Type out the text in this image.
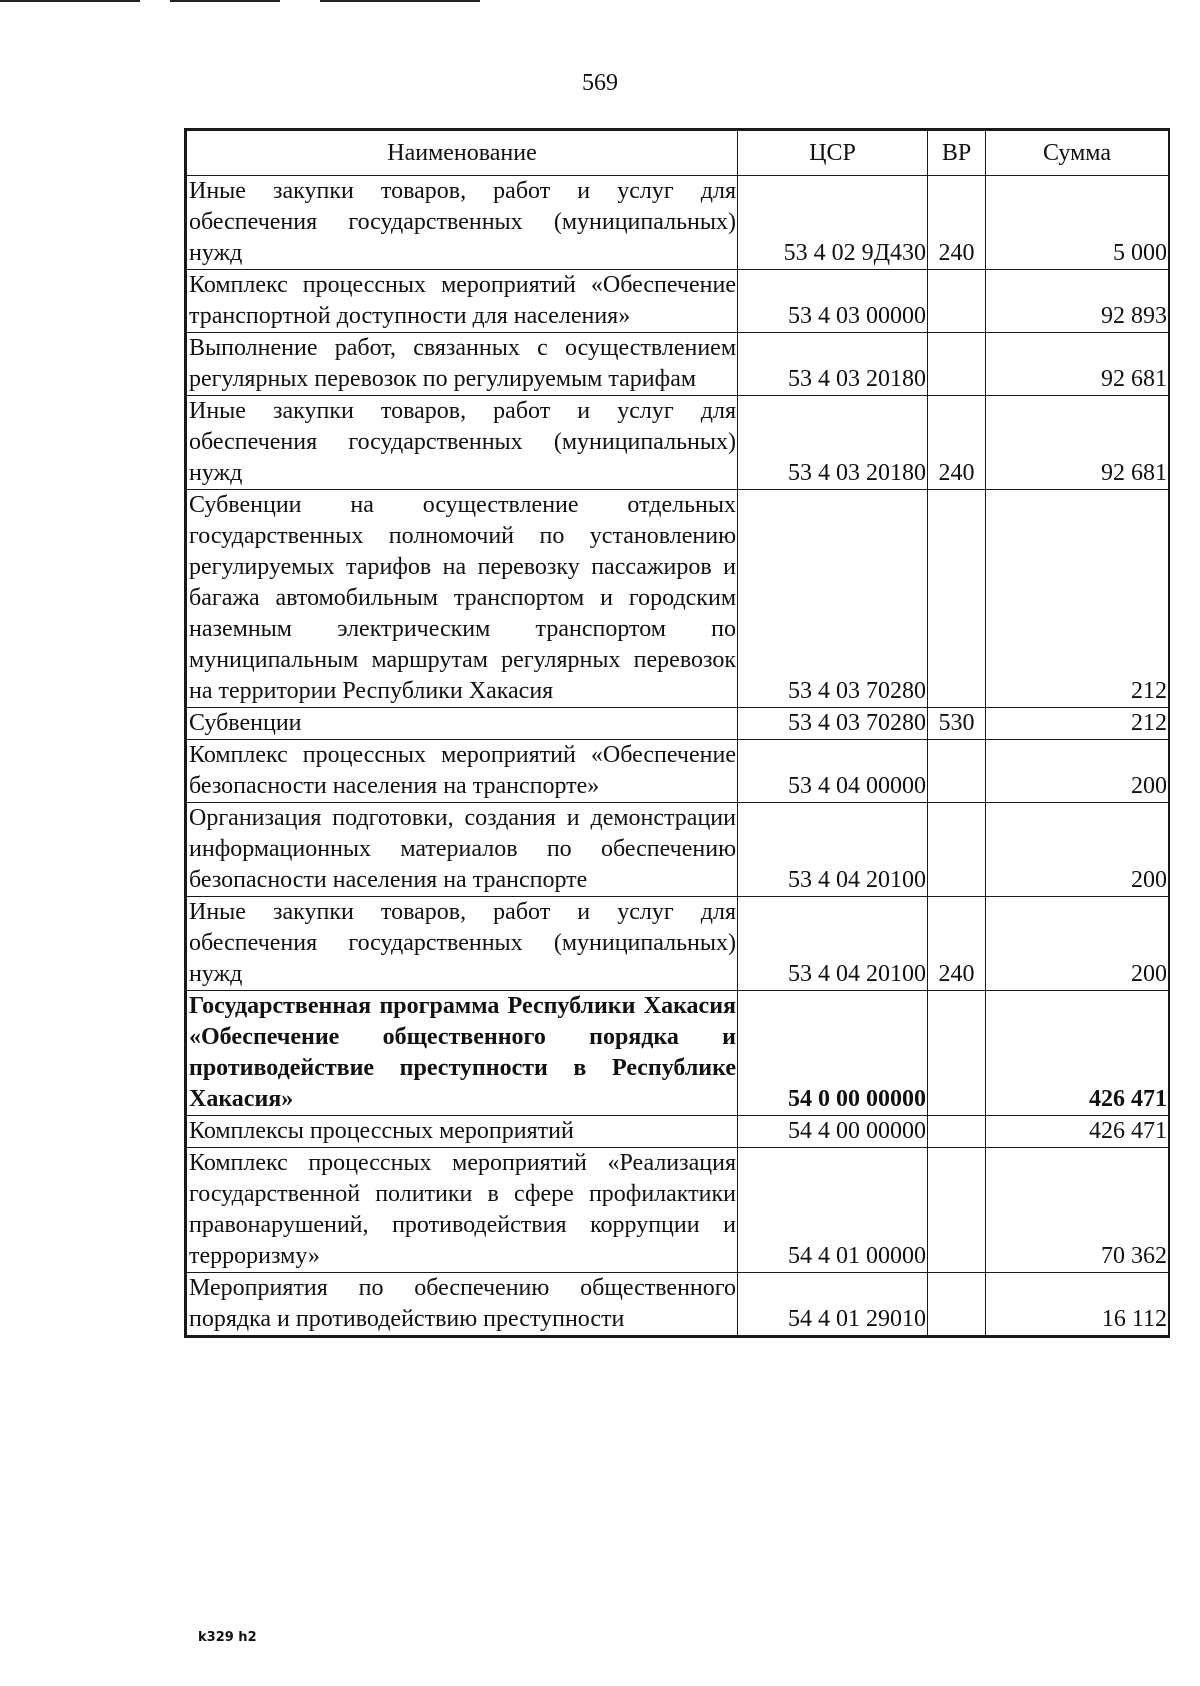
569
Наименование	ЦСР	ВР	Сумма
Иные закупки товаров, работ и услуг для обеспечения государственных (муниципальных) нужд	53 4 02 9Д430	240	5 000
Комплекс процессных мероприятий «Обеспечение транспортной доступности для населения»	53 4 03 00000		92 893
Выполнение работ, связанных с осуществлением регулярных перевозок по регулируемым тарифам	53 4 03 20180		92 681
Иные закупки товаров, работ и услуг для обеспечения государственных (муниципальных) нужд	53 4 03 20180	240	92 681
Субвенции на осуществление отдельных государственных полномочий по установлению регулируемых тарифов на перевозку пассажиров и багажа автомобильным транспортом и городским наземным электрическим транспортом по муниципальным маршрутам регулярных перевозок на территории Республики Хакасия	53 4 03 70280		212
Субвенции	53 4 03 70280	530	212
Комплекс процессных мероприятий «Обеспечение безопасности населения на транспорте»	53 4 04 00000		200
Организация подготовки, создания и демонстрации информационных материалов по обеспечению безопасности населения на транспорте	53 4 04 20100		200
Иные закупки товаров, работ и услуг для обеспечения государственных (муниципальных) нужд	53 4 04 20100	240	200
Государственная программа Республики Хакасия «Обеспечение общественного порядка и противодействие преступности в Республике Хакасия»	54 0 00 00000		426 471
Комплексы процессных мероприятий	54 4 00 00000		426 471
Комплекс процессных мероприятий «Реализация государственной политики в сфере профилактики правонарушений, противодействия коррупции и терроризму»	54 4 01 00000		70 362
Мероприятия по обеспечению общественного порядка и противодействию преступности	54 4 01 29010		16 112
k329 h2
